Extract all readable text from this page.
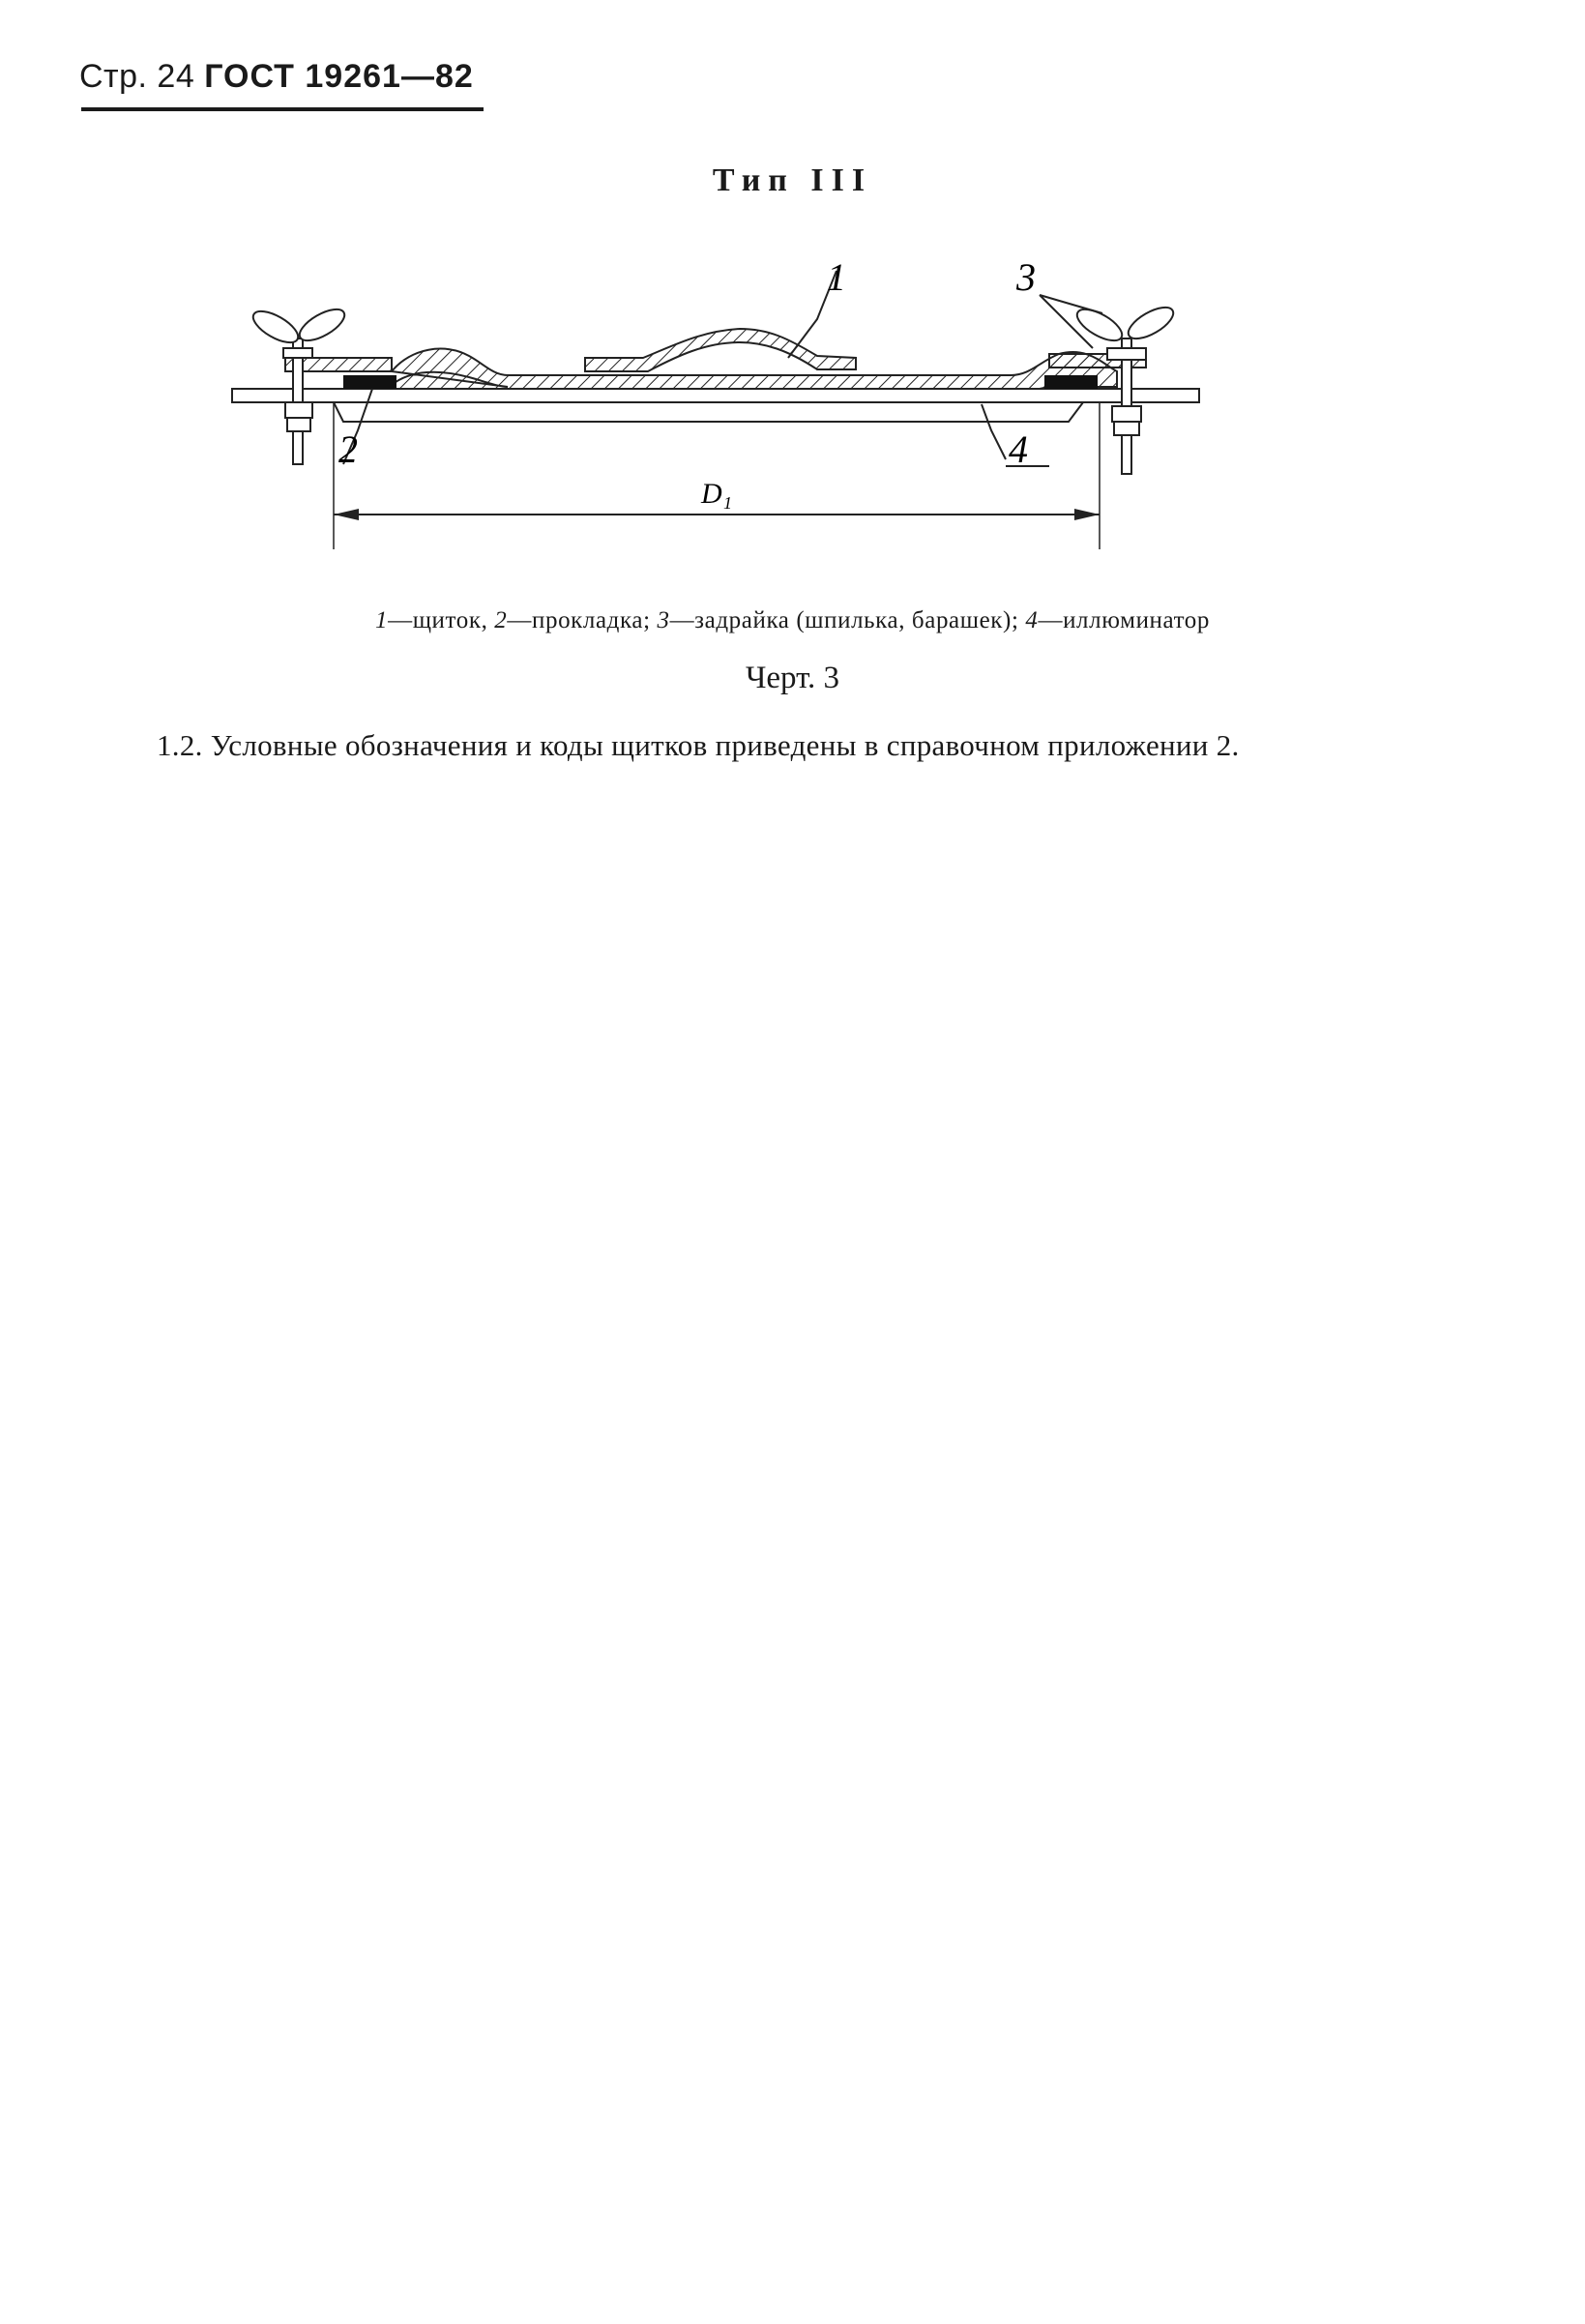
Стр. 24 ГОСТ 19261—82
Тип III
1	3
2	4
D₁
1—щиток, 2—прокладка; 3—задрайка (шпилька, барашек); 4—иллюминатор
Черт. 3
1.2. Условные обозначения и коды щитков приведены в справочном приложении 2.
